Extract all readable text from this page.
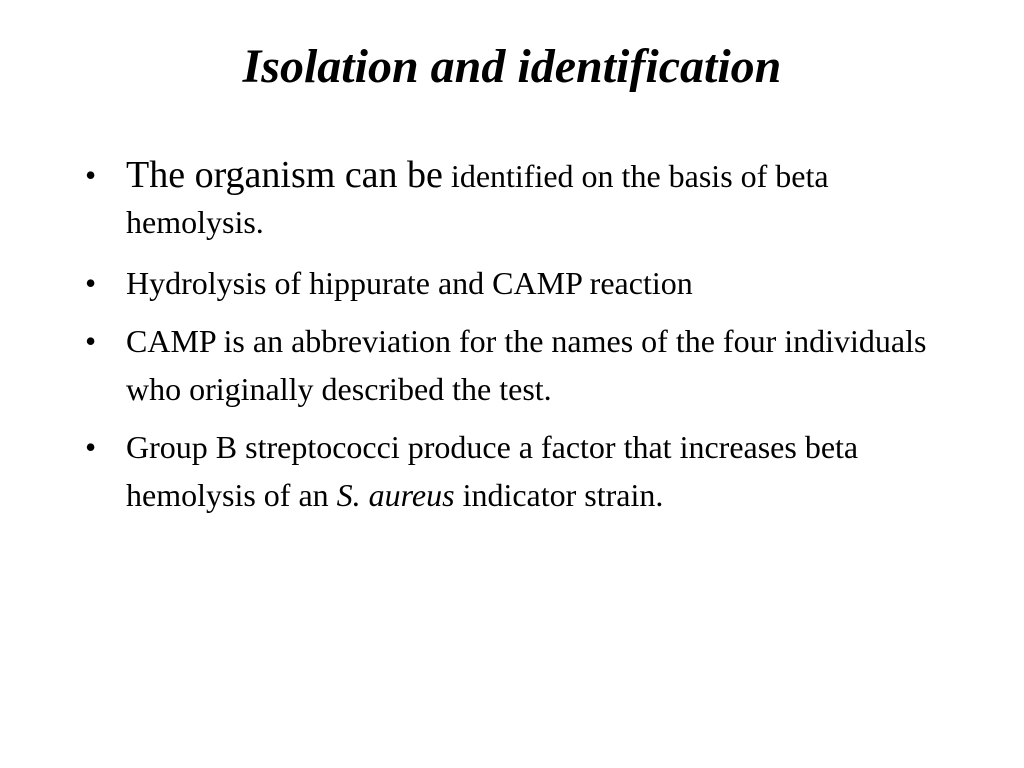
Isolation and identification
• The organism can be identified on the basis of beta hemolysis.
• Hydrolysis of hippurate and CAMP reaction
• CAMP is an abbreviation for the names of the four individuals who originally described the test.
• Group B streptococci produce a factor that increases beta hemolysis of an S. aureus indicator strain.
